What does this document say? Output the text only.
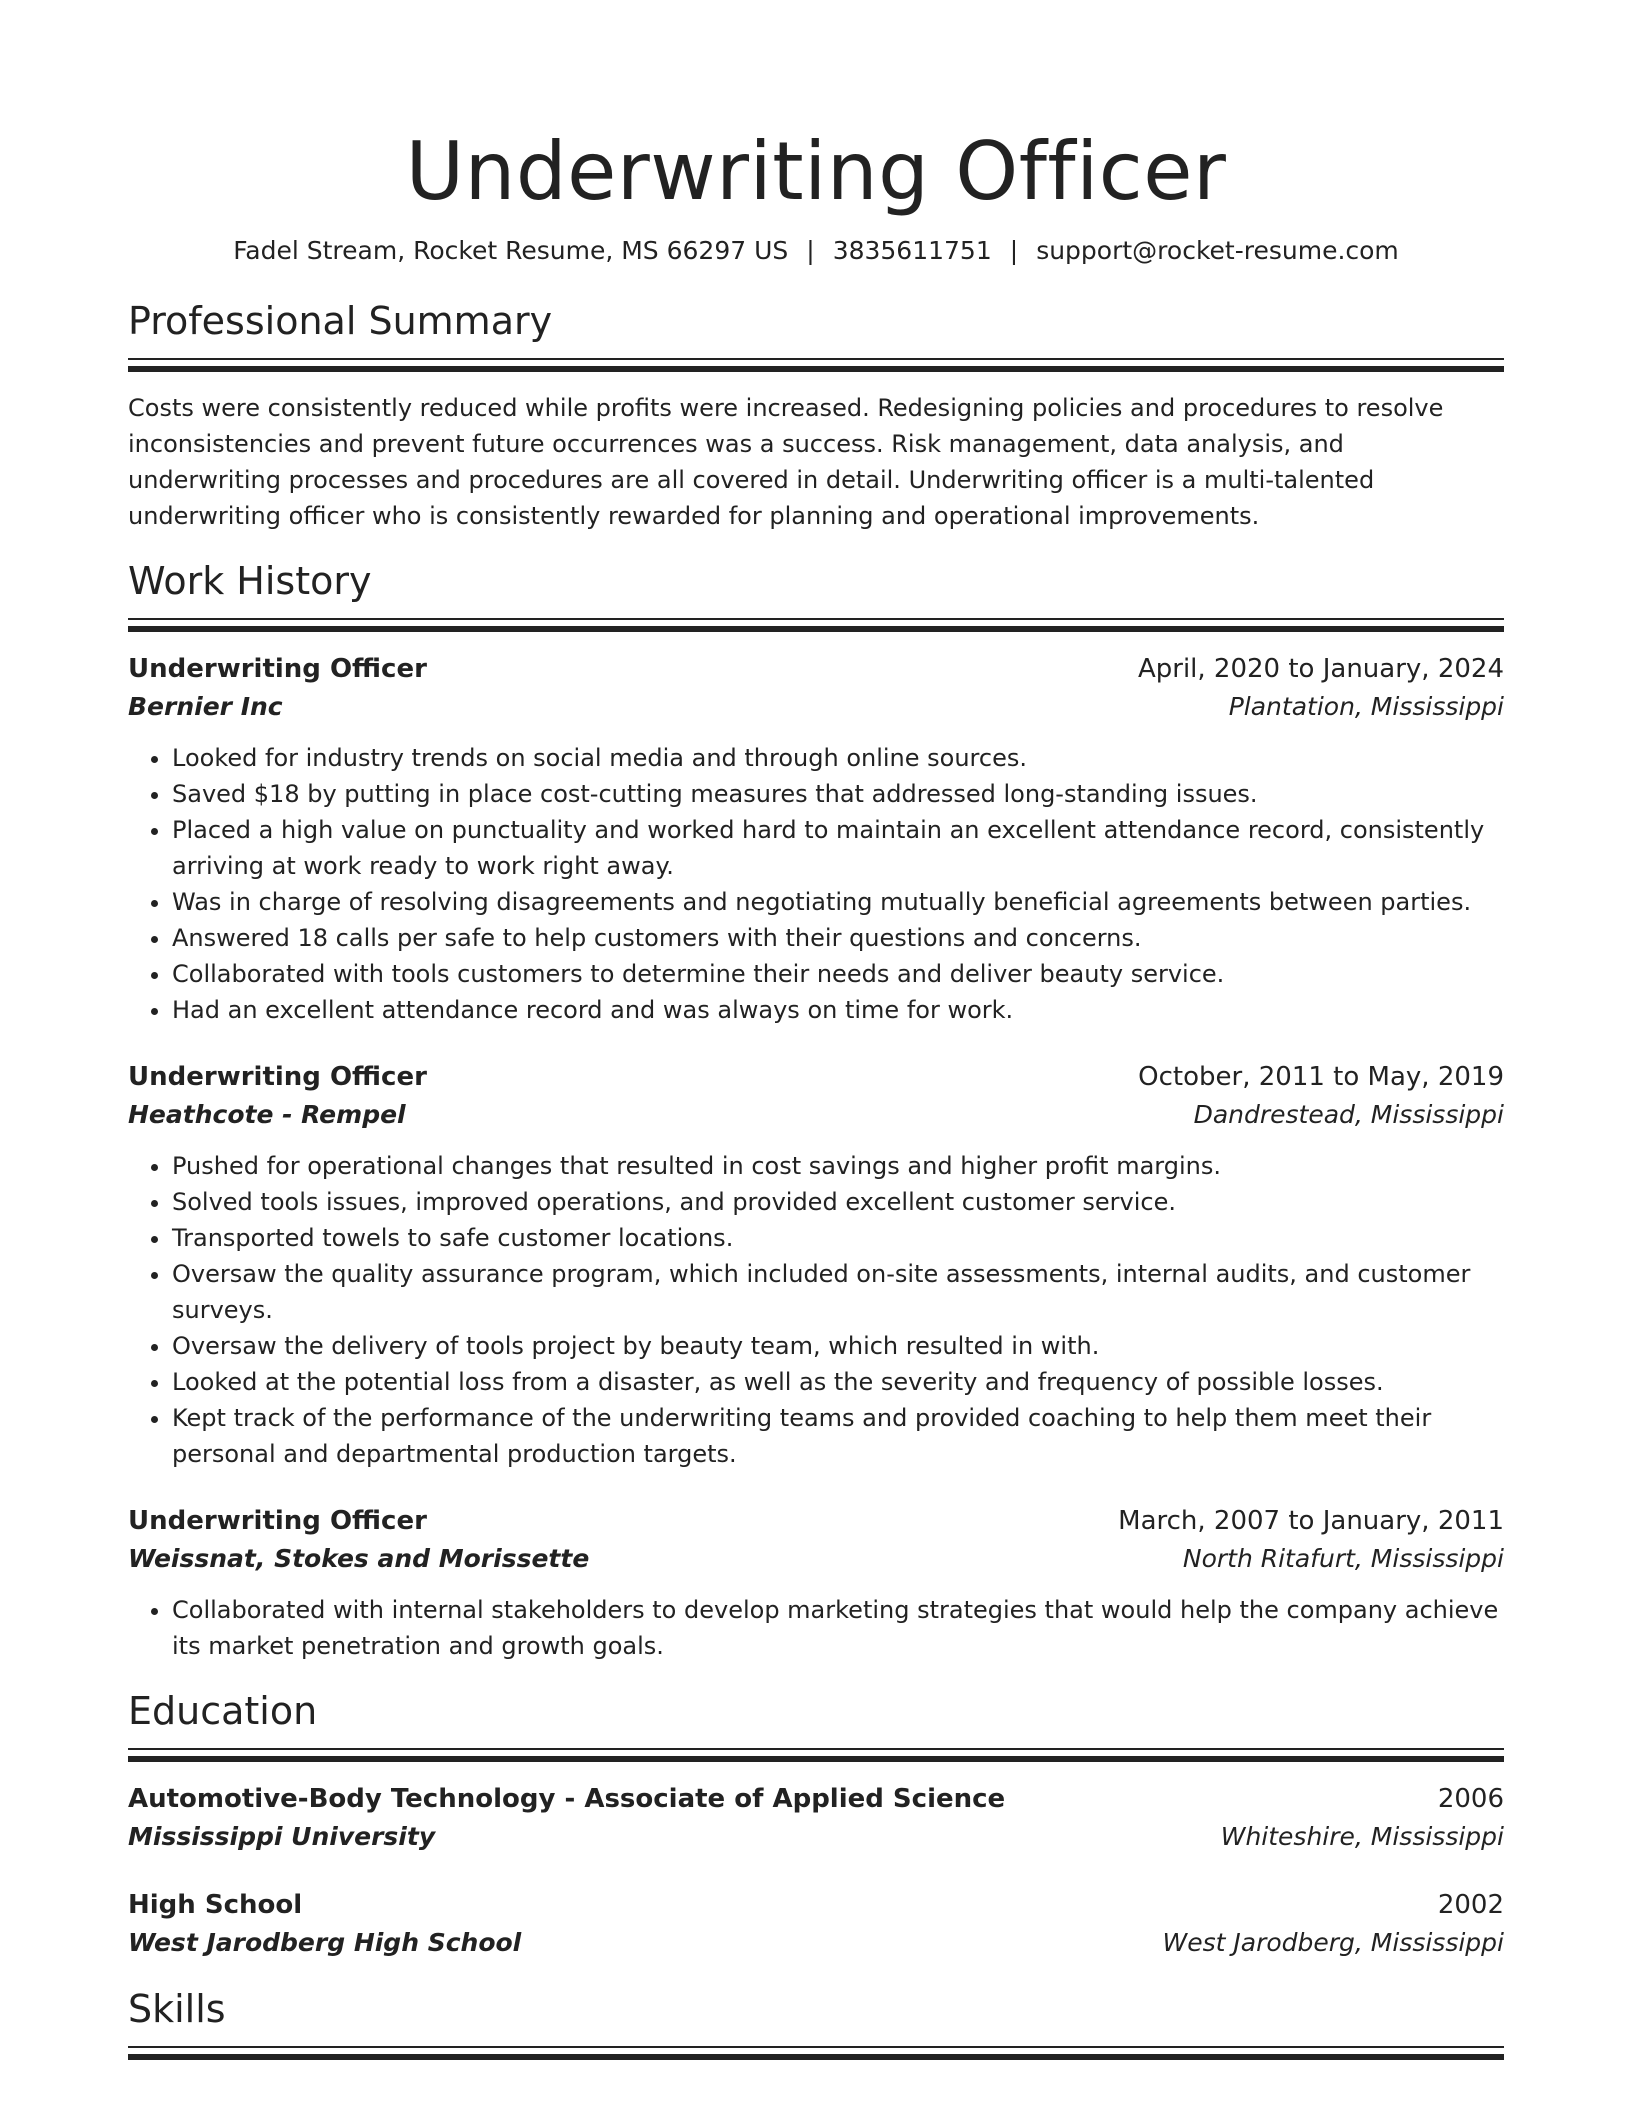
Underwriting Officer
Fadel Stream, Rocket Resume, MS 66297 US | 3835611751 | support@rocket-resume.com
Professional Summary

Costs were consistently reduced while profits were increased. Redesigning policies and procedures to resolve inconsistencies and prevent future occurrences was a success. Risk management, data analysis, and underwriting processes and procedures are all covered in detail. Underwriting officer is a multi-talented underwriting officer who is consistently rewarded for planning and operational improvements.

Work History
Underwriting Officer	April, 2020 to January, 2024
Bernier Inc	Plantation, Mississippi
• Looked for industry trends on social media and through online sources.
• Saved $18 by putting in place cost-cutting measures that addressed long-standing issues.
• Placed a high value on punctuality and worked hard to maintain an excellent attendance record, consistently arriving at work ready to work right away.
• Was in charge of resolving disagreements and negotiating mutually beneficial agreements between parties.
• Answered 18 calls per safe to help customers with their questions and concerns.
• Collaborated with tools customers to determine their needs and deliver beauty service.
• Had an excellent attendance record and was always on time for work.
Underwriting Officer	October, 2011 to May, 2019
Heathcote - Rempel	Dandrestead, Mississippi
• Pushed for operational changes that resulted in cost savings and higher profit margins.
• Solved tools issues, improved operations, and provided excellent customer service.
• Transported towels to safe customer locations.
• Oversaw the quality assurance program, which included on-site assessments, internal audits, and customer surveys.
• Oversaw the delivery of tools project by beauty team, which resulted in with.
• Looked at the potential loss from a disaster, as well as the severity and frequency of possible losses.
• Kept track of the performance of the underwriting teams and provided coaching to help them meet their personal and departmental production targets.
Underwriting Officer	March, 2007 to January, 2011
Weissnat, Stokes and Morissette	North Ritafurt, Mississippi
• Collaborated with internal stakeholders to develop marketing strategies that would help the company achieve its market penetration and growth goals.
Education
Automotive-Body Technology - Associate of Applied Science	2006
Mississippi University	Whiteshire, Mississippi
High School	2002
West Jarodberg High School	West Jarodberg, Mississippi
Skills
